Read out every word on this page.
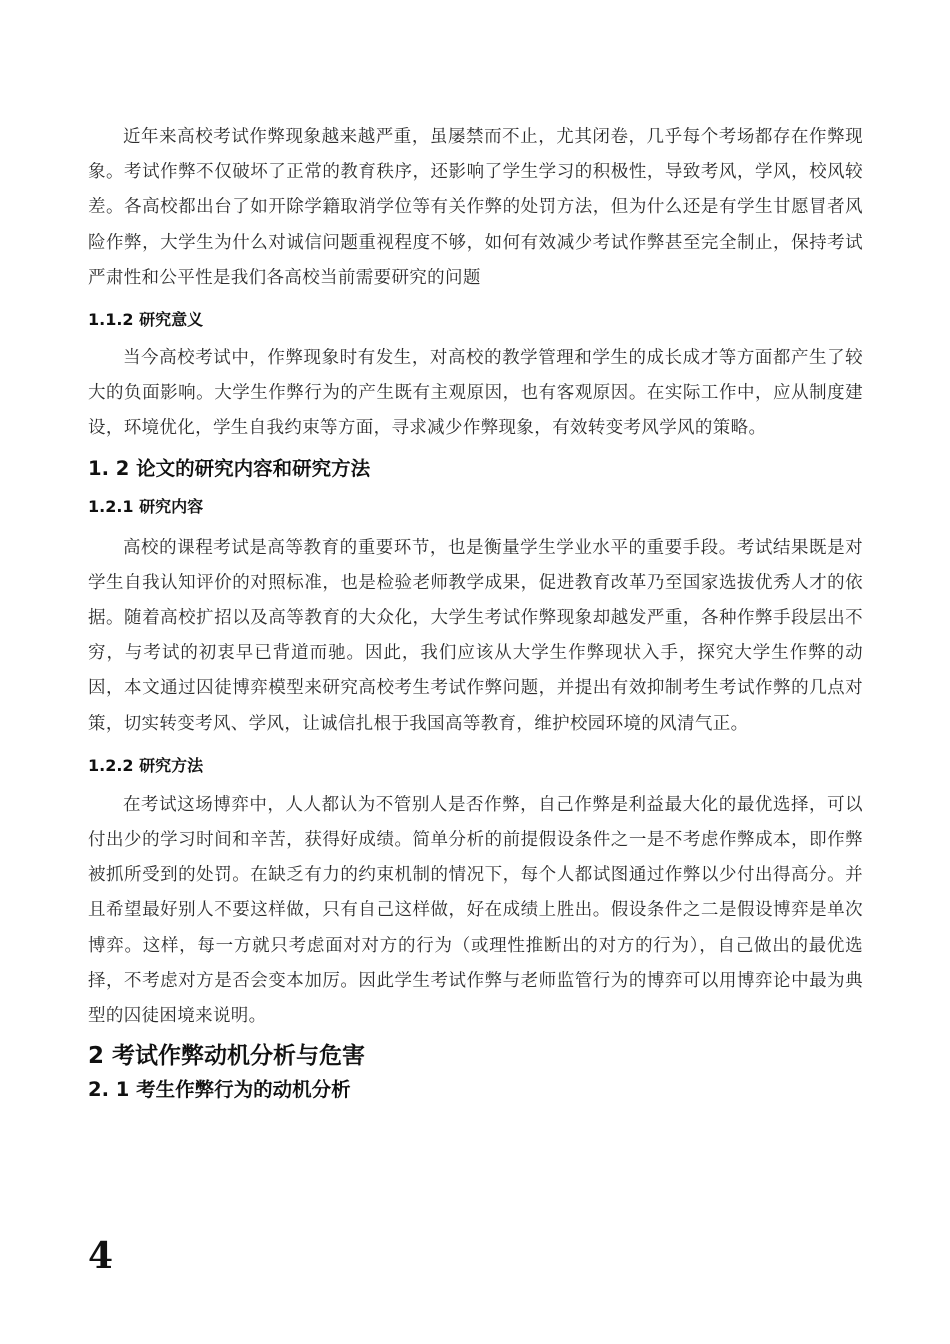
近年来高校考试作弊现象越来越严重，虽屡禁而不止，尤其闭卷，几乎每个考场都存在作弊现象。考试作弊不仅破坏了正常的教育秩序，还影响了学生学习的积极性，导致考风，学风，校风较差。各高校都出台了如开除学籍取消学位等有关作弊的处罚方法，但为什么还是有学生甘愿冒者风险作弊，大学生为什么对诚信问题重视程度不够，如何有效减少考试作弊甚至完全制止，保持考试严肃性和公平性是我们各高校当前需要研究的问题

1.1.2 研究意义

当今高校考试中，作弊现象时有发生，对高校的教学管理和学生的成长成才等方面都产生了较大的负面影响。大学生作弊行为的产生既有主观原因，也有客观原因。在实际工作中，应从制度建设，环境优化，学生自我约束等方面，寻求减少作弊现象，有效转变考风学风的策略。

1. 2 论文的研究内容和研究方法
1.2.1 研究内容

高校的课程考试是高等教育的重要环节，也是衡量学生学业水平的重要手段。考试结果既是对学生自我认知评价的对照标准，也是检验老师教学成果，促进教育改革乃至国家选拔优秀人才的依据。随着高校扩招以及高等教育的大众化，大学生考试作弊现象却越发严重，各种作弊手段层出不穷，与考试的初衷早已背道而驰。因此，我们应该从大学生作弊现状入手，探究大学生作弊的动因，本文通过囚徒博弈模型来研究高校考生考试作弊问题，并提出有效抑制考生考试作弊的几点对策，切实转变考风、学风，让诚信扎根于我国高等教育，维护校园环境的风清气正。

1.2.2 研究方法

在考试这场博弈中，人人都认为不管别人是否作弊，自己作弊是利益最大化的最优选择，可以付出少的学习时间和辛苦，获得好成绩。简单分析的前提假设条件之一是不考虑作弊成本，即作弊被抓所受到的处罚。在缺乏有力的约束机制的情况下，每个人都试图通过作弊以少付出得高分。并且希望最好别人不要这样做，只有自己这样做，好在成绩上胜出。假设条件之二是假设博弈是单次博弈。这样，每一方就只考虑面对对方的行为（或理性推断出的对方的行为），自己做出的最优选择，不考虑对方是否会变本加厉。因此学生考试作弊与老师监管行为的博弈可以用博弈论中最为典型的囚徒困境来说明。

2 考试作弊动机分析与危害
2. 1 考生作弊行为的动机分析
4
